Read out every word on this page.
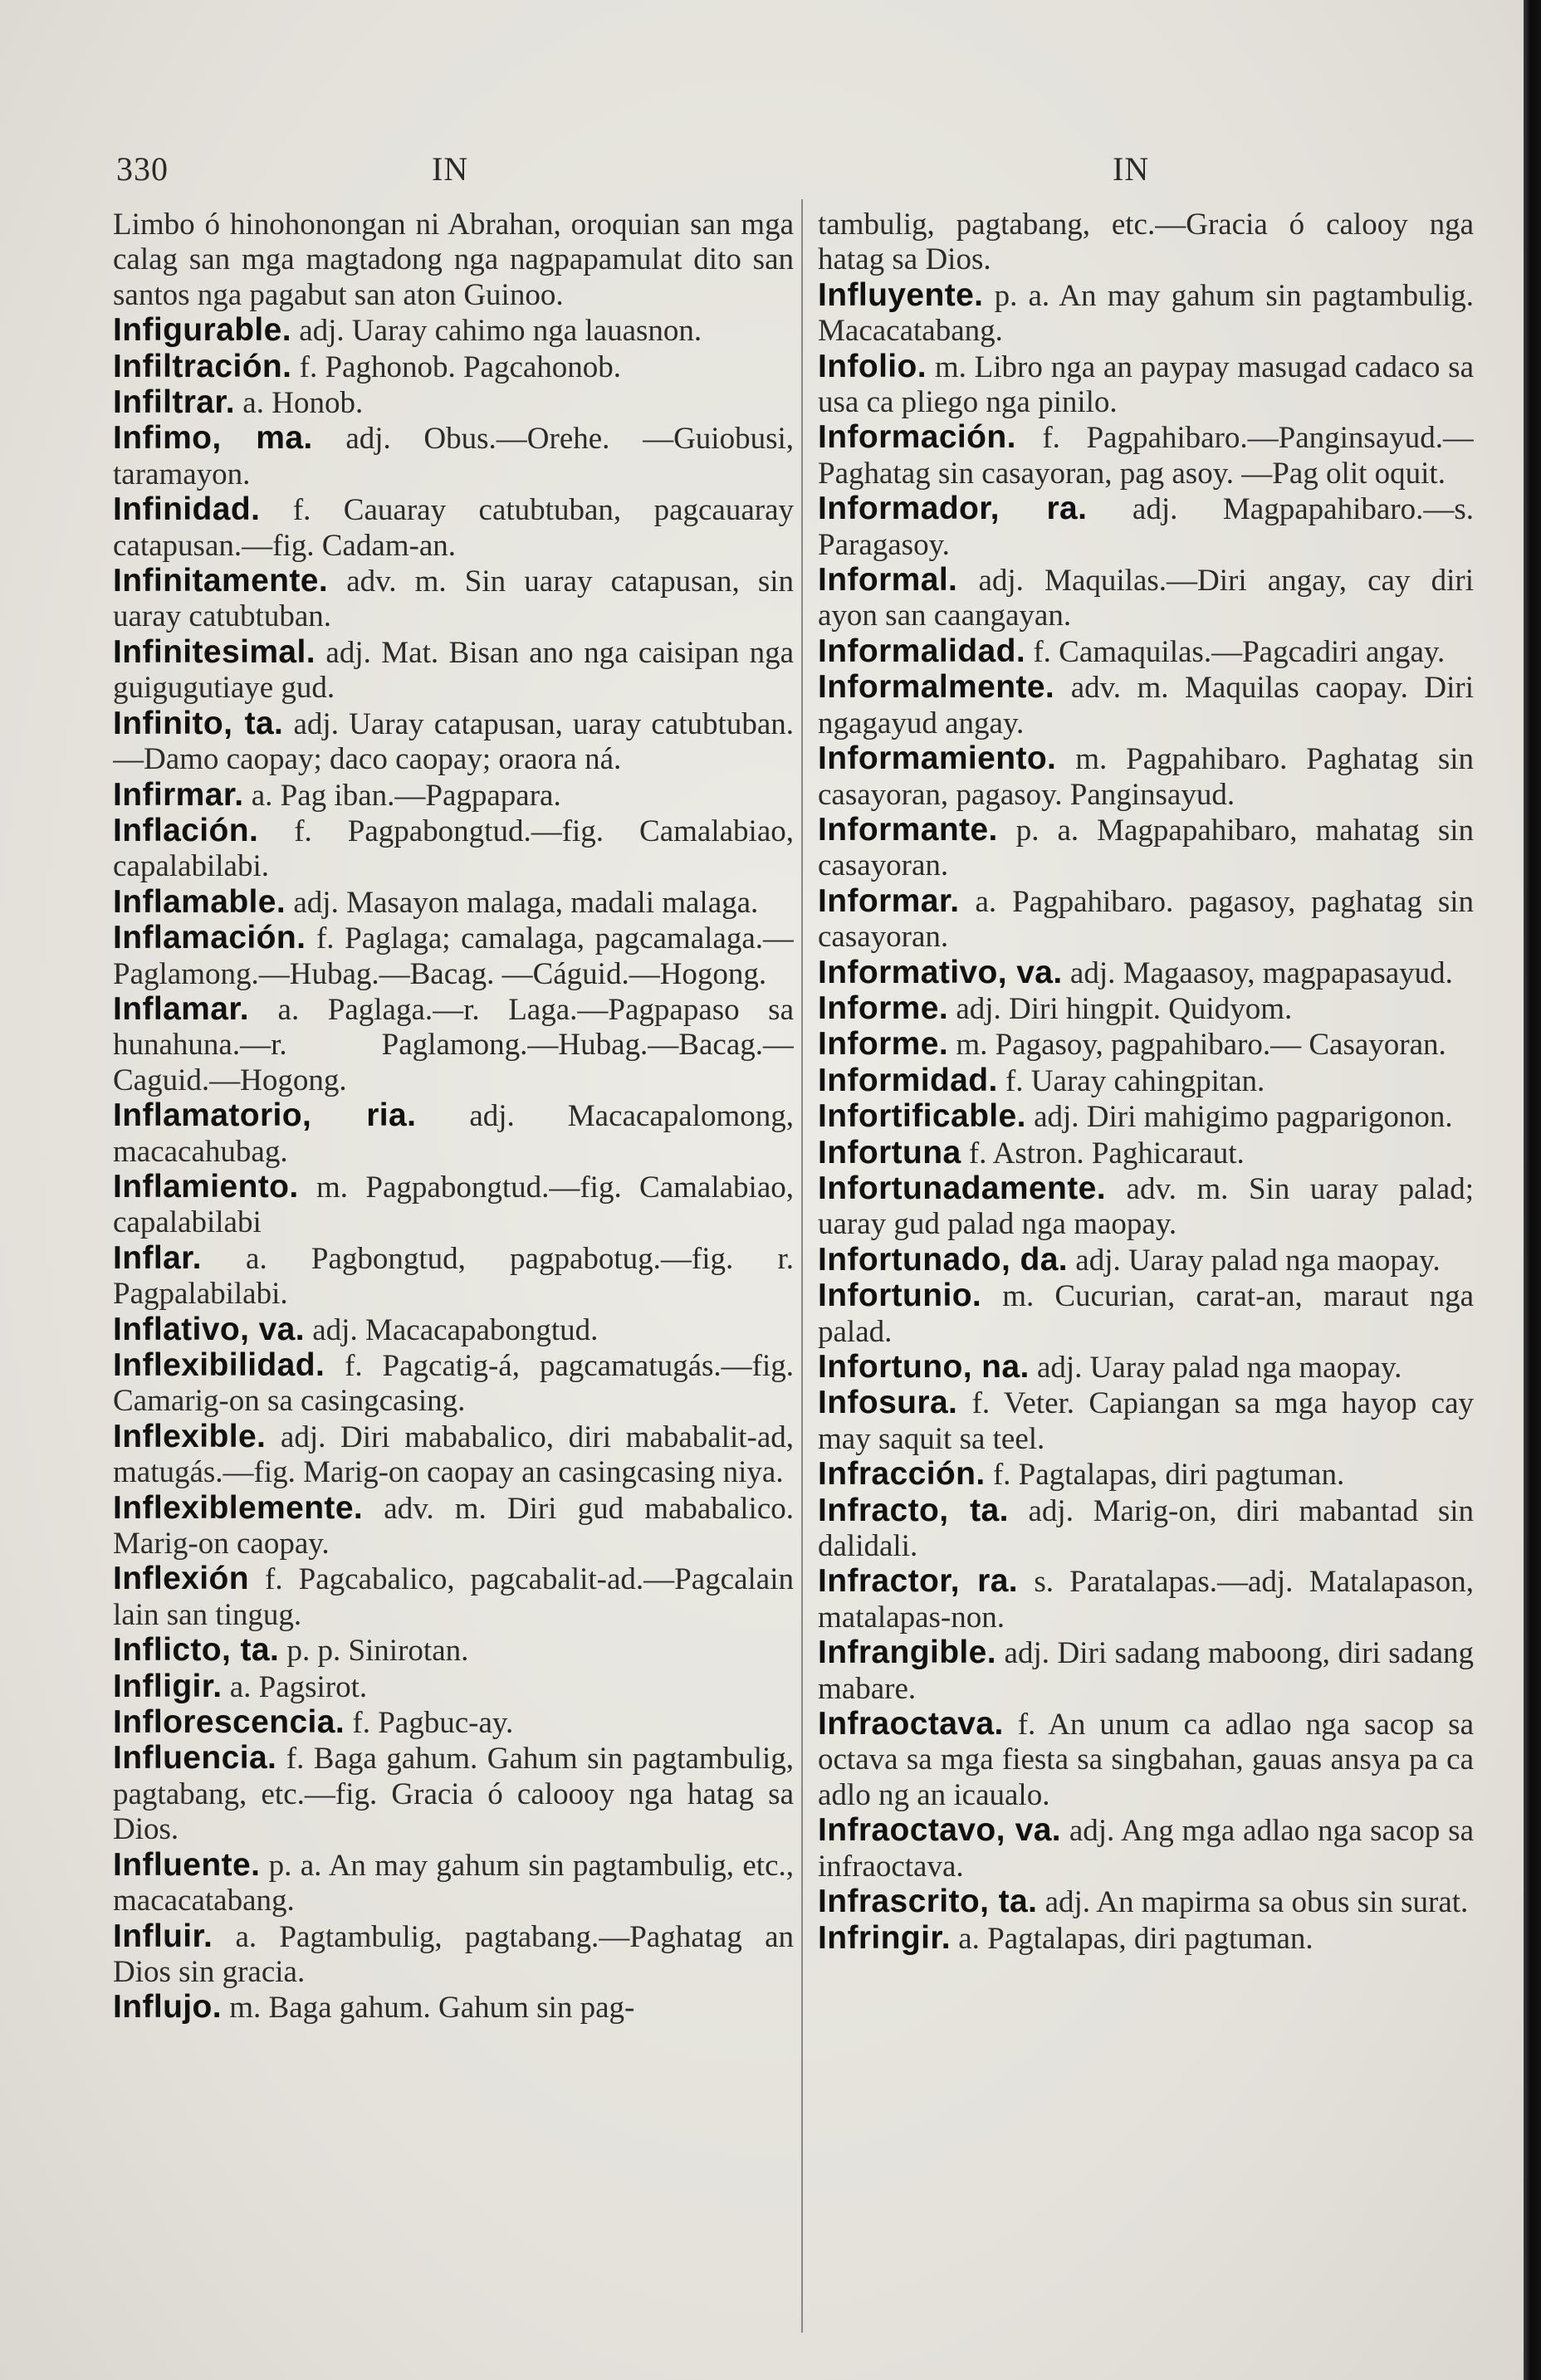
330	IN	IN
Limbo ó hinohonongan ni Abrahan, oroquian san mga calag san mga magtadong nga nagpapamulat dito san santos nga pagabut san aton Guinoo.
Infigurable. adj. Uaray cahimo nga lauasnon.
Infiltración. f. Paghonob. Pagcahonob.
Infiltrar. a. Honob.
Infimo, ma. adj. Obus.—Orehe. —Guiobusi, taramayon.
Infinidad. f. Cauaray catubtuban, pagcauaray catapusan.—fig. Cadam-an.
Infinitamente. adv. m. Sin uaray catapusan, sin uaray catubtuban.
Infinitesimal. adj. Mat. Bisan ano nga caisipan nga guigugutiaye gud.
Infinito, ta. adj. Uaray catapusan, uaray catubtuban.—Damo caopay; daco caopay; oraora ná.
Infirmar. a. Pag iban.—Pagpapara.
Inflación. f. Pagpabongtud.—fig. Camalabiao, capalabilabi.
Inflamable. adj. Masayon malaga, madali malaga.
Inflamación. f. Paglaga; camalaga, pagcamalaga.—Paglamong.—Hubag.—Bacag. —Cáguid.—Hogong.
Inflamar. a. Paglaga.—r. Laga.—Pagpapaso sa hunahuna.—r. Paglamong.—Hubag.—Bacag.—Caguid.—Hogong.
Inflamatorio, ria. adj. Macacapalomong, macacahubag.
Inflamiento. m. Pagpabongtud.—fig. Camalabiao, capalabilabi
Inflar. a. Pagbongtud, pagpabotug.—fig. r. Pagpalabilabi.
Inflativo, va. adj. Macacapabongtud.
Inflexibilidad. f. Pagcatig-á, pagcamatugás.—fig. Camarig-on sa casingcasing.
Inflexible. adj. Diri mababalico, diri mababalit-ad, matugás.—fig. Marig-on caopay an casingcasing niya.
Inflexiblemente. adv. m. Diri gud mababalico. Marig-on caopay.
Inflexión f. Pagcabalico, pagcabalit-ad.—Pagcalain lain san tingug.
Inflicto, ta. p. p. Sinirotan.
Infligir. a. Pagsirot.
Inflorescencia. f. Pagbuc-ay.
Influencia. f. Baga gahum. Gahum sin pagtambulig, pagtabang, etc.—fig. Gracia ó caloooy nga hatag sa Dios.
Influente. p. a. An may gahum sin pagtambulig, etc., macacatabang.
Influir. a. Pagtambulig, pagtabang.—Paghatag an Dios sin gracia.
Influjo. m. Baga gahum. Gahum sin pag-
tambulig, pagtabang, etc.—Gracia ó calooy nga hatag sa Dios.
Influyente. p. a. An may gahum sin pagtambulig. Macacatabang.
Infolio. m. Libro nga an paypay masugad cadaco sa usa ca pliego nga pinilo.
Información. f. Pagpahibaro.—Panginsayud.—Paghatag sin casayoran, pag asoy. —Pag olit oquit.
Informador, ra. adj. Magpapahibaro.—s. Paragasoy.
Informal. adj. Maquilas.—Diri angay, cay diri ayon san caangayan.
Informalidad. f. Camaquilas.—Pagcadiri angay.
Informalmente. adv. m. Maquilas caopay. Diri ngagayud angay.
Informamiento. m. Pagpahibaro. Paghatag sin casayoran, pagasoy. Panginsayud.
Informante. p. a. Magpapahibaro, mahatag sin casayoran.
Informar. a. Pagpahibaro. pagasoy, paghatag sin casayoran.
Informativo, va. adj. Magaasoy, magpapasayud.
Informe. adj. Diri hingpit. Quidyom.
Informe. m. Pagasoy, pagpahibaro.— Casayoran.
Informidad. f. Uaray cahingpitan.
Infortificable. adj. Diri mahigimo pagparigonon.
Infortuna f. Astron. Paghicaraut.
Infortunadamente. adv. m. Sin uaray palad; uaray gud palad nga maopay.
Infortunado, da. adj. Uaray palad nga maopay.
Infortunio. m. Cucurian, carat-an, maraut nga palad.
Infortuno, na. adj. Uaray palad nga maopay.
Infosura. f. Veter. Capiangan sa mga hayop cay may saquit sa teel.
Infracción. f. Pagtalapas, diri pagtuman.
Infracto, ta. adj. Marig-on, diri mabantad sin dalidali.
Infractor, ra. s. Paratalapas.—adj. Matalapason, matalapas-non.
Infrangible. adj. Diri sadang maboong, diri sadang mabare.
Infraoctava. f. An unum ca adlao nga sacop sa octava sa mga fiesta sa singbahan, gauas ansya pa ca adlo ng an icaualo.
Infraoctavo, va. adj. Ang mga adlao nga sacop sa infraoctava.
Infrascrito, ta. adj. An mapirma sa obus sin surat.
Infringir. a. Pagtalapas, diri pagtuman.
